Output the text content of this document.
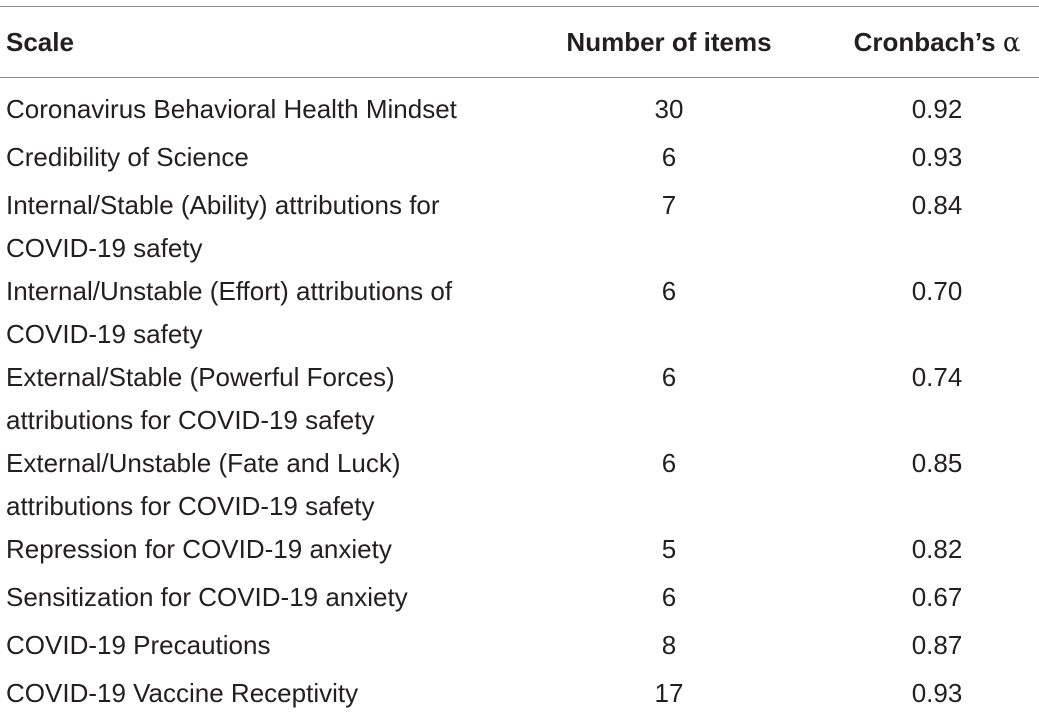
Scale	Number of items	Cronbach’s α
Coronavirus Behavioral Health Mindset	30	0.92
Credibility of Science	6	0.93
Internal/Stable (Ability) attributions for
COVID-19 safety
7	0.84
Internal/Unstable (Effort) attributions of
COVID-19 safety
6	0.70
External/Stable (Powerful Forces)
attributions for COVID-19 safety
6	0.74
External/Unstable (Fate and Luck)
attributions for COVID-19 safety
6	0.85
Repression for COVID-19 anxiety	5	0.82
Sensitization for COVID-19 anxiety	6	0.67
COVID-19 Precautions	8	0.87
COVID-19 Vaccine Receptivity	17	0.93
